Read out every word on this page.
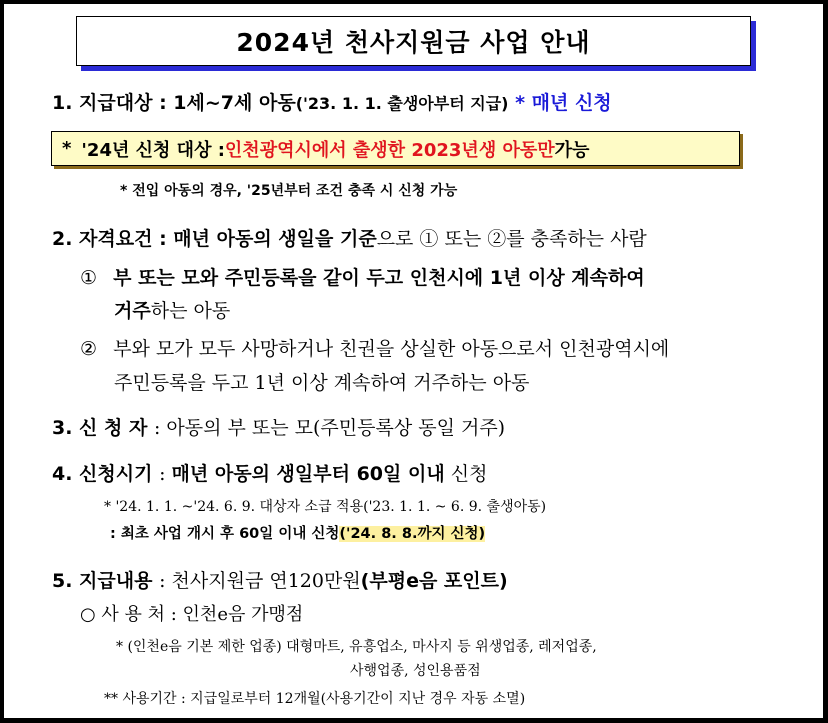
2024년 천사지원금 사업 안내
1. 지급대상 : 1세~7세 아동('23. 1. 1. 출생아부터 지급) * 매년 신청
* '24년 신청 대상 : 인천광역시에서 출생한 2023년생 아동만 가능
* 전입 아동의 경우, '25년부터 조건 충족 시 신청 가능
2. 자격요건 : 매년 아동의 생일을 기준으로 ① 또는 ②를 충족하는 사람
① 부 또는 모와 주민등록을 같이 두고 인천시에 1년 이상 계속하여
거주하는 아동
② 부와 모가 모두 사망하거나 친권을 상실한 아동으로서 인천광역시에
주민등록을 두고 1년 이상 계속하여 거주하는 아동
3. 신 청 자 : 아동의 부 또는 모(주민등록상 동일 거주)
4. 신청시기 : 매년 아동의 생일부터 60일 이내 신청
* '24. 1. 1. ~'24. 6. 9. 대상자 소급 적용('23. 1. 1. ~ 6. 9. 출생아동)
: 최초 사업 개시 후 60일 이내 신청('24. 8. 8.까지 신청)
5. 지급내용 : 천사지원금 연120만원(부평e음 포인트)
○ 사 용 처 : 인천e음 가맹점
* (인천e음 기본 제한 업종) 대형마트, 유흥업소, 마사지 등 위생업종, 레저업종,
사행업종, 성인용품점
** 사용기간 : 지급일로부터 12개월(사용기간이 지난 경우 자동 소멸)
